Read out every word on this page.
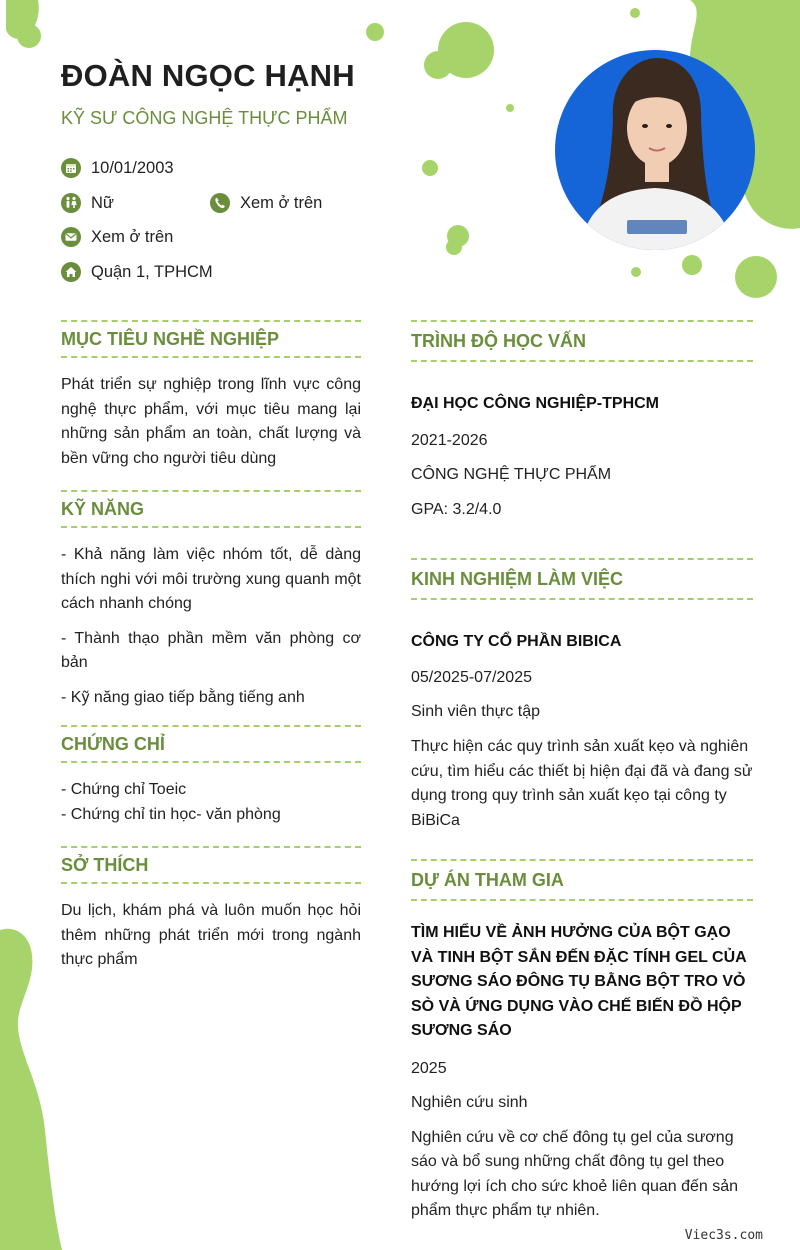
ĐOÀN NGỌC HẠNH
KỸ SƯ CÔNG NGHỆ THỰC PHẨM
10/01/2003
Nữ	Xem ở trên
Xem ở trên
Quận 1, TPHCM
MỤC TIÊU NGHỀ NGHIỆP
Phát triển sự nghiệp trong lĩnh vực công nghệ thực phẩm, với mục tiêu mang lại những sản phẩm an toàn, chất lượng và bền vững cho người tiêu dùng
KỸ NĂNG
- Khả năng làm việc nhóm tốt, dễ dàng thích nghi với môi trường xung quanh một cách nhanh chóng
- Thành thạo phần mềm văn phòng cơ bản
- Kỹ năng giao tiếp bằng tiếng anh
CHỨNG CHỈ
- Chứng chỉ Toeic
- Chứng chỉ tin học- văn phòng
SỞ THÍCH
Du lịch, khám phá và luôn muốn học hỏi thêm những phát triển mới trong ngành thực phẩm
TRÌNH ĐỘ HỌC VẤN
ĐẠI HỌC CÔNG NGHIỆP-TPHCM
2021-2026
CÔNG NGHỆ THỰC PHẨM
GPA: 3.2/4.0
KINH NGHIỆM LÀM VIỆC
CÔNG TY CỔ PHẦN BIBICA
05/2025-07/2025
Sinh viên thực tập
Thực hiện các quy trình sản xuất kẹo và nghiên cứu, tìm hiểu các thiết bị hiện đại đã và đang sử dụng trong quy trình sản xuất kẹo tại công ty BiBiCa
DỰ ÁN THAM GIA
TÌM HIỂU VỀ ẢNH HƯỞNG CỦA BỘT GẠO VÀ TINH BỘT SẮN ĐẾN ĐẶC TÍNH GEL CỦA SƯƠNG SÁO ĐÔNG TỤ BẰNG BỘT TRO VỎ SÒ VÀ ỨNG DỤNG VÀO CHẾ BIẾN ĐỒ HỘP SƯƠNG SÁO
2025
Nghiên cứu sinh
Nghiên cứu về cơ chế đông tụ gel của sương sáo và bổ sung những chất đông tụ gel theo hướng lợi ích cho sức khoẻ liên quan đến sản phẩm thực phẩm tự nhiên.
Viec3s.com
